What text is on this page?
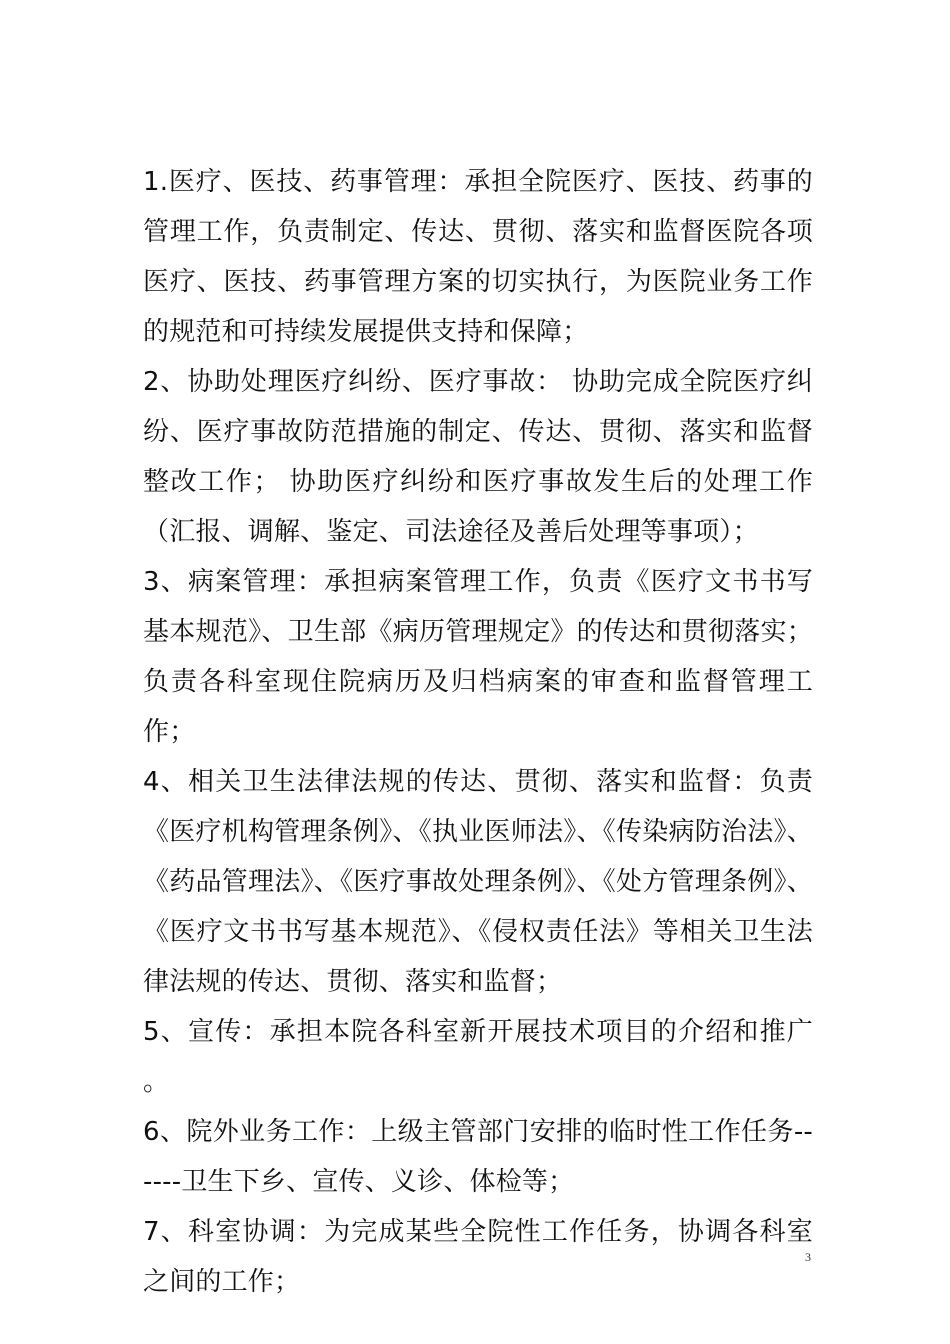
1.医疗、医技、药事管理：承担全院医疗、医技、药事的管理工作，负责制定、传达、贯彻、落实和监督医院各项医疗、医技、药事管理方案的切实执行，为医院业务工作的规范和可持续发展提供支持和保障；

2、协助处理医疗纠纷、医疗事故： 协助完成全院医疗纠纷、医疗事故防范措施的制定、传达、贯彻、落实和监督整改工作； 协助医疗纠纷和医疗事故发生后的处理工作（汇报、调解、鉴定、司法途径及善后处理等事项）；

3、病案管理：承担病案管理工作，负责《医疗文书书写基本规范》、卫生部《病历管理规定》的传达和贯彻落实；负责各科室现住院病历及归档病案的审查和监督管理工作；

4、相关卫生法律法规的传达、贯彻、落实和监督：负责《医疗机构管理条例》、《执业医师法》、《传染病防治法》、《药品管理法》、《医疗事故处理条例》、《处方管理条例》、《医疗文书书写基本规范》、《侵权责任法》等相关卫生法律法规的传达、贯彻、落实和监督；

5、宣传：承担本院各科室新开展技术项目的介绍和推广 。

6、院外业务工作：上级主管部门安排的临时性工作任务------卫生下乡、宣传、义诊、体检等；

7、科室协调：为完成某些全院性工作任务，协调各科室之间的工作；

3
